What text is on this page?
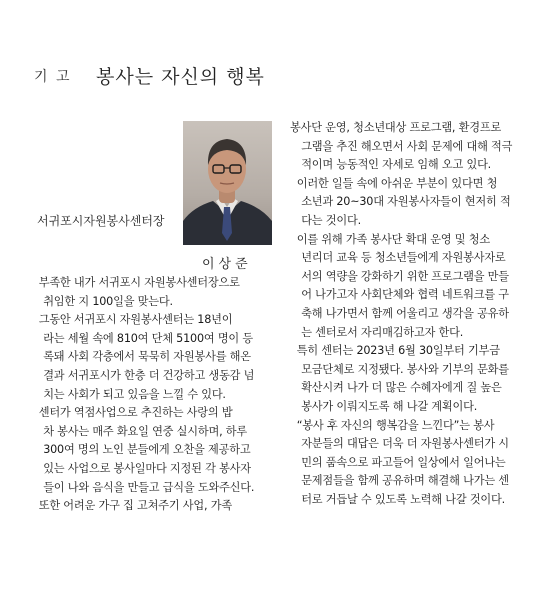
기 고 봉사는 자신의 행복
서귀포시자원봉사센터장
이상준

부족한 내가 서귀포시 자원봉사센터장으로
취임한 지 100일을 맞는다.

그동안 서귀포시 자원봉사센터는 18년이
라는 세월 속에 810여 단체 5100여 명이 등
록돼 사회 각층에서 묵묵히 자원봉사를 해온
결과 서귀포시가 한층 더 건강하고 생동감 넘
치는 사회가 되고 있음을 느낄 수 있다.

센터가 역점사업으로 추진하는 사랑의 밥
차 봉사는 매주 화요일 연중 실시하며, 하루
300여 명의 노인 분들에게 오찬을 제공하고
있는 사업으로 봉사일마다 지정된 각 봉사자
들이 나와 음식을 만들고 급식을 도와주신다.

또한 어려운 가구 집 고쳐주기 사업, 가족

봉사단 운영, 청소년대상 프로그램, 환경프로
그램을 추진 해오면서 사회 문제에 대해 적극
적이며 능동적인 자세로 임해 오고 있다.

이러한 일들 속에 아쉬운 부분이 있다면 청
소년과 20~30대 자원봉사자들이 현저히 적
다는 것이다.

이를 위해 가족 봉사단 확대 운영 및 청소
년리더 교육 등 청소년들에게 자원봉사자로
서의 역량을 강화하기 위한 프로그램을 만들
어 나가고자 사회단체와 협력 네트워크를 구
축해 나가면서 함께 어울리고 생각을 공유하
는 센터로서 자리매김하고자 한다.

특히 센터는 2023년 6월 30일부터 기부금
모금단체로 지정됐다. 봉사와 기부의 문화를
확산시켜 나가 더 많은 수혜자에게 질 높은
봉사가 이뤄지도록 해 나갈 계획이다.

“봉사 후 자신의 행복감을 느낀다”는 봉사
자분들의 대답은 더욱 더 자원봉사센터가 시
민의 품속으로 파고들어 일상에서 일어나는
문제점들을 함께 공유하며 해결해 나가는 센
터로 거듭날 수 있도록 노력해 나갈 것이다.
